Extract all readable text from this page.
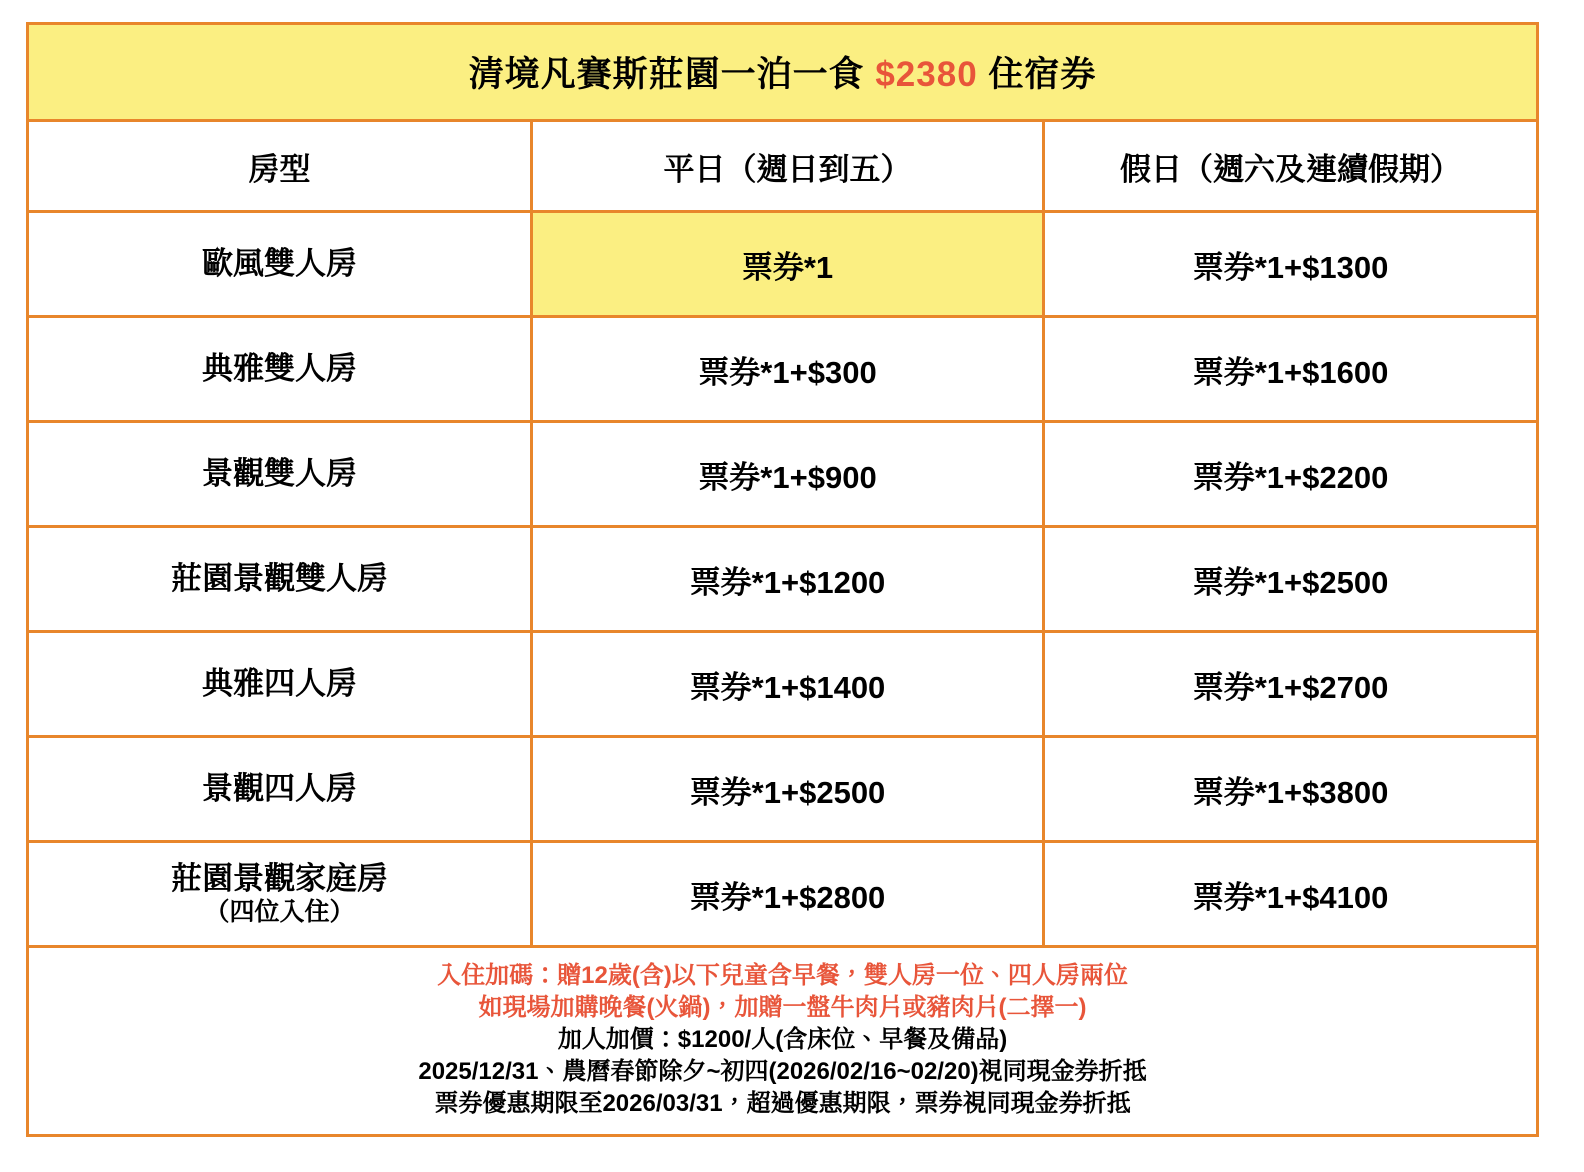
清境凡賽斯莊園一泊一食 $2380 住宿券		
房型	平日（週日到五）	假日（週六及連續假期）

歐風雙人房	票券*1	票券*1+$1300

典雅雙人房	票券*1+$300	票券*1+$1600

景觀雙人房	票券*1+$900	票券*1+$2200

莊園景觀雙人房	票券*1+$1200	票券*1+$2500

典雅四人房	票券*1+$1400	票券*1+$2700

景觀四人房	票券*1+$2500	票券*1+$3800

莊園景觀家庭房
（四位入住）	票券*1+$2800	票券*1+$4100

入住加碼：贈12歲(含)以下兒童含早餐，雙人房一位、四人房兩位
如現場加購晚餐(火鍋)，加贈一盤牛肉片或豬肉片(二擇一)
加人加價：$1200/人(含床位、早餐及備品)
2025/12/31、農曆春節除夕~初四(2026/02/16~02/20)視同現金券折抵
票券優惠期限至2026/03/31，超過優惠期限，票券視同現金券折抵		
